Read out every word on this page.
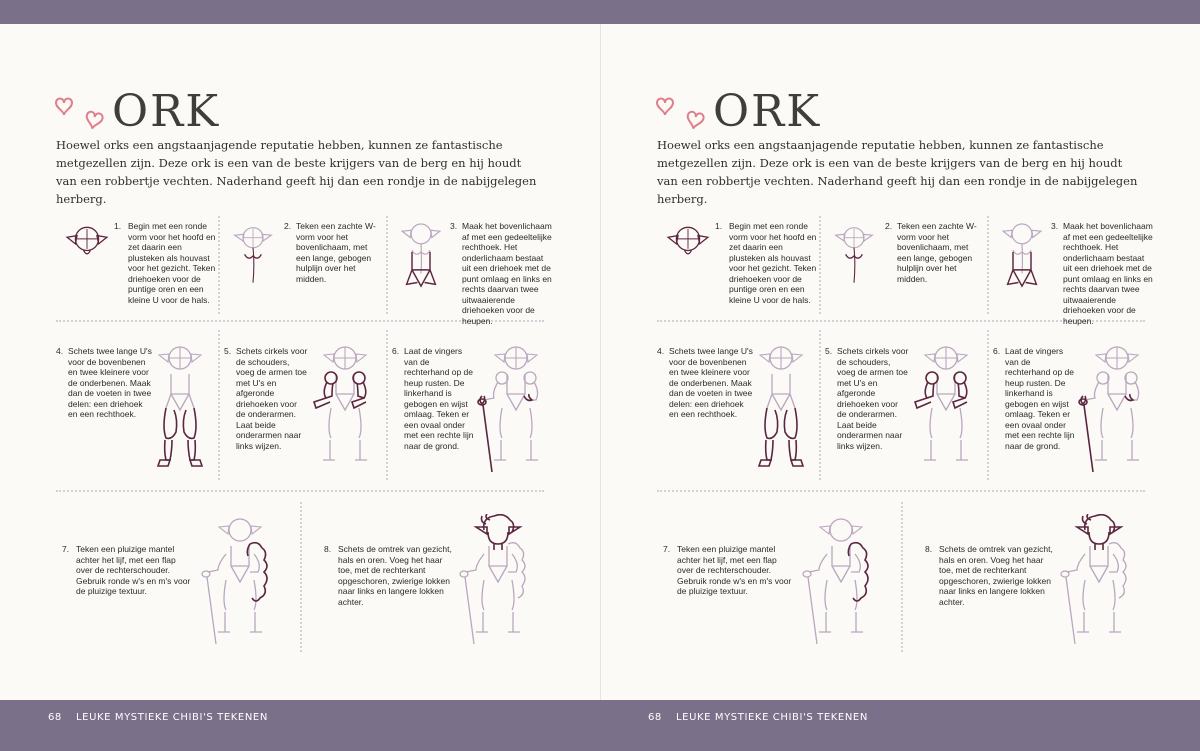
ORK

Hoewel orks een angstaanjagende reputatie hebben, kunnen ze fantastische metgezellen zijn. Deze ork is een van de beste krijgers van de berg en hij houdt van een robbertje vechten. Naderhand geeft hij dan een rondje in de nabijgelegen herberg.

1. Begin met een ronde vorm voor het hoofd en zet daarin een plusteken als houvast voor het gezicht. Teken driehoeken voor de puntige oren en een kleine U voor de hals.
2. Teken een zachte W-vorm voor het bovenlichaam, met een lange, gebogen hulplijn over het midden.
3. Maak het bovenlichaam af met een gedeeltelijke rechthoek. Het onderlichaam bestaat uit een driehoek met de punt omlaag en links en rechts daarvan twee uitwaaierende driehoeken voor de heupen.
4. Schets twee lange U's voor de bovenbenen en twee kleinere voor de onderbenen. Maak dan de voeten in twee delen: een driehoek en een rechthoek.
5. Schets cirkels voor de schouders, voeg de armen toe met U's en afgeronde driehoeken voor de onderarmen. Laat beide onderarmen naar links wijzen.
6. Laat de vingers van de rechterhand op de heup rusten. De linkerhand is gebogen en wijst omlaag. Teken er een ovaal onder met een rechte lijn naar de grond.
7. Teken een pluizige mantel achter het lijf, met een flap over de rechterschouder. Gebruik ronde w's en m's voor de pluizige textuur.
8. Schets de omtrek van gezicht, hals en oren. Voeg het haar toe, met de rechterkant opgeschoren, zwierige lokken naar links en langere lokken achter.
ORK

Hoewel orks een angstaanjagende reputatie hebben, kunnen ze fantastische metgezellen zijn. Deze ork is een van de beste krijgers van de berg en hij houdt van een robbertje vechten. Naderhand geeft hij dan een rondje in de nabijgelegen herberg.

1. Begin met een ronde vorm voor het hoofd en zet daarin een plusteken als houvast voor het gezicht. Teken driehoeken voor de puntige oren en een kleine U voor de hals.
2. Teken een zachte W-vorm voor het bovenlichaam, met een lange, gebogen hulplijn over het midden.
3. Maak het bovenlichaam af met een gedeeltelijke rechthoek. Het onderlichaam bestaat uit een driehoek met de punt omlaag en links en rechts daarvan twee uitwaaierende driehoeken voor de heupen.
4. Schets twee lange U's voor de bovenbenen en twee kleinere voor de onderbenen. Maak dan de voeten in twee delen: een driehoek en een rechthoek.
5. Schets cirkels voor de schouders, voeg de armen toe met U's en afgeronde driehoeken voor de onderarmen. Laat beide onderarmen naar links wijzen.
6. Laat de vingers van de rechterhand op de heup rusten. De linkerhand is gebogen en wijst omlaag. Teken er een ovaal onder met een rechte lijn naar de grond.
7. Teken een pluizige mantel achter het lijf, met een flap over de rechterschouder. Gebruik ronde w's en m's voor de pluizige textuur.
8. Schets de omtrek van gezicht, hals en oren. Voeg het haar toe, met de rechterkant opgeschoren, zwierige lokken naar links en langere lokken achter.
68 LEUKE MYSTIEKE CHIBI'S TEKENEN	68 LEUKE MYSTIEKE CHIBI'S TEKENEN
